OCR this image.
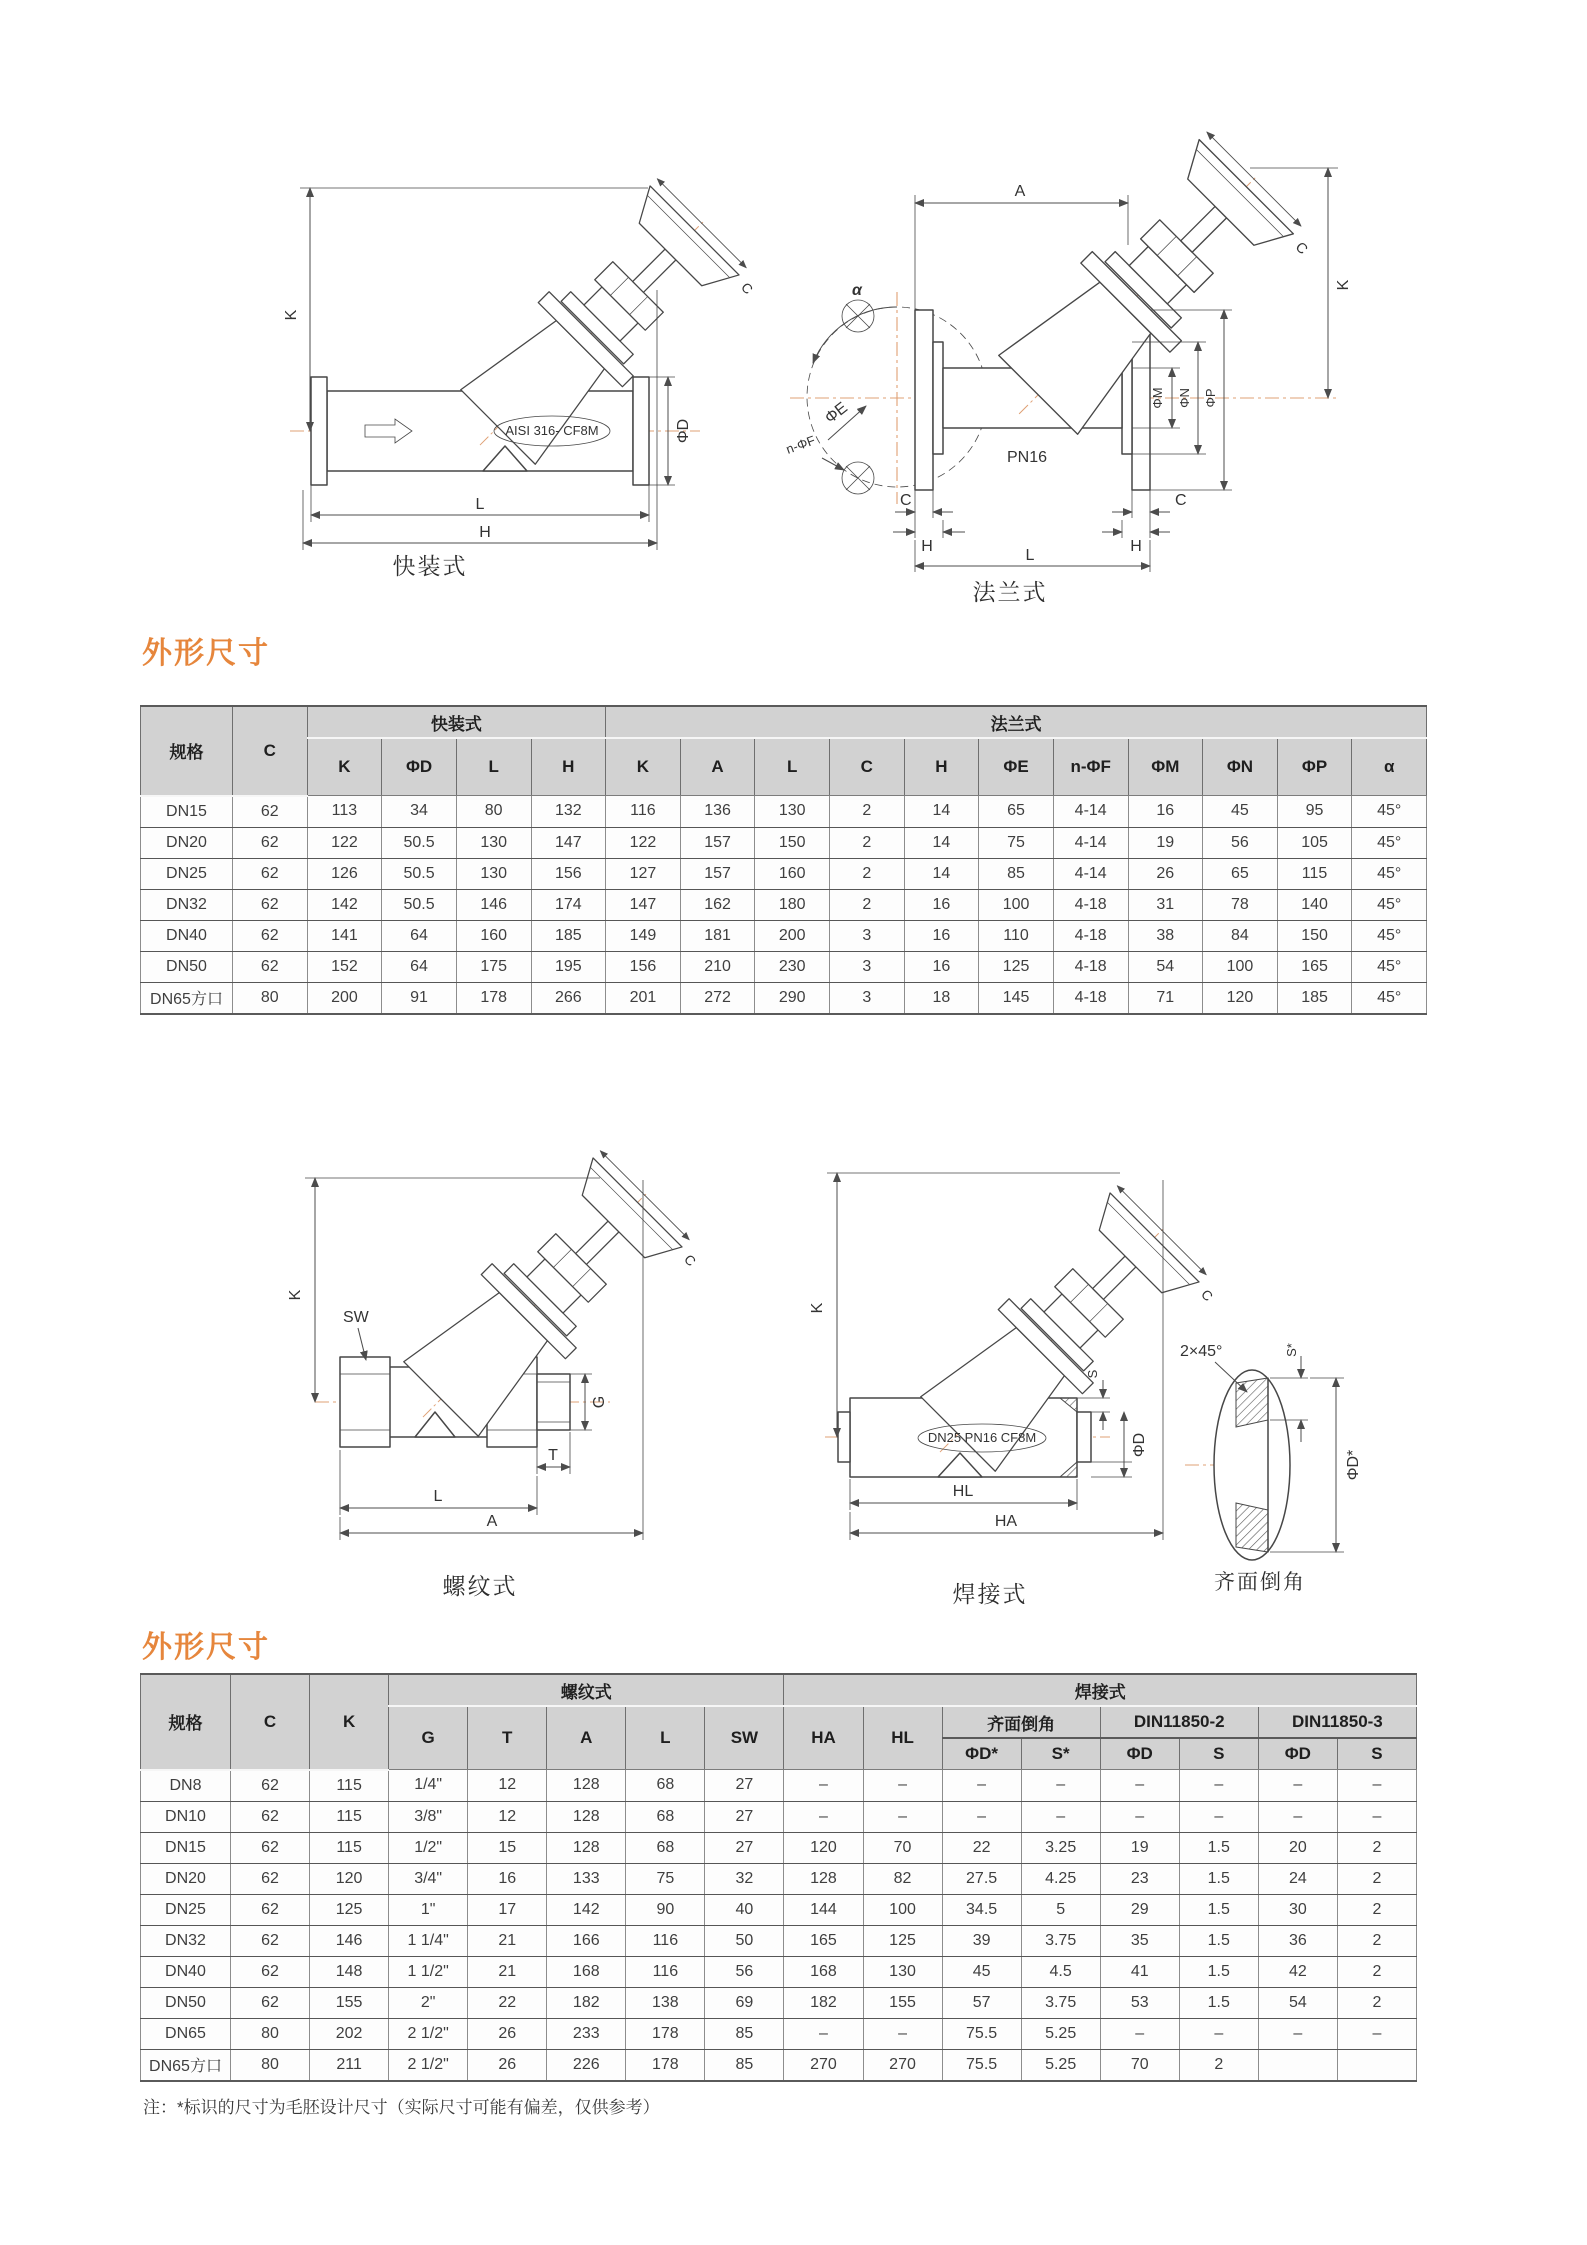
C
AISI 316- CF8M
K
ΦD
L
H
α
ΦE
n-ΦF
C
PN16
A
K
ΦM ΦN ΦP
C
H
C
H
L
快装式
法兰式
外形尺寸
规格	C	快装式				法兰式										
		K	ΦD	L	H	K	A	L	C	H	ΦE	n-ΦF	ΦM	ΦN	ΦP	α
DN15	62	113	34	80	132	116	136	130	2	14	65	4-14	16	45	95	45°
DN20	62	122	50.5	130	147	122	157	150	2	14	75	4-14	19	56	105	45°
DN25	62	126	50.5	130	156	127	157	160	2	14	85	4-14	26	65	115	45°
DN32	62	142	50.5	146	174	147	162	180	2	16	100	4-18	31	78	140	45°
DN40	62	141	64	160	185	149	181	200	3	16	110	4-18	38	84	150	45°
DN50	62	152	64	175	195	156	210	230	3	16	125	4-18	54	100	165	45°
DN65方口	80	200	91	178	266	201	272	290	3	18	145	4-18	71	120	185	45°
C
SW
K
G
T
L
A
C
DN25 PN16 CF8M
K
S
ΦD
HL
HA
2×45°	S*
ΦD*
螺纹式	焊接式	齐面倒角
外形尺寸
规格	C	K	螺纹式					焊接式							
			G	T	A	L	SW	HA	HL	齐面倒角		DIN11850-2		DIN11850-3	
										ΦD*	S*	ΦD	S	ΦD	S
DN8	62	115	1/4"	12	128	68	27	–	–	–	–	–	–	–	–
DN10	62	115	3/8"	12	128	68	27	–	–	–	–	–	–	–	–
DN15	62	115	1/2"	15	128	68	27	120	70	22	3.25	19	1.5	20	2
DN20	62	120	3/4"	16	133	75	32	128	82	27.5	4.25	23	1.5	24	2
DN25	62	125	1"	17	142	90	40	144	100	34.5	5	29	1.5	30	2
DN32	62	146	1 1/4"	21	166	116	50	165	125	39	3.75	35	1.5	36	2
DN40	62	148	1 1/2"	21	168	116	56	168	130	45	4.5	41	1.5	42	2
DN50	62	155	2"	22	182	138	69	182	155	57	3.75	53	1.5	54	2
DN65	80	202	2 1/2"	26	233	178	85	–	–	75.5	5.25	–	–	–	–
DN65方口	80	211	2 1/2"	26	226	178	85	270	270	75.5	5.25	70	2		
注：*标识的尺寸为毛胚设计尺寸（实际尺寸可能有偏差，仅供参考）
